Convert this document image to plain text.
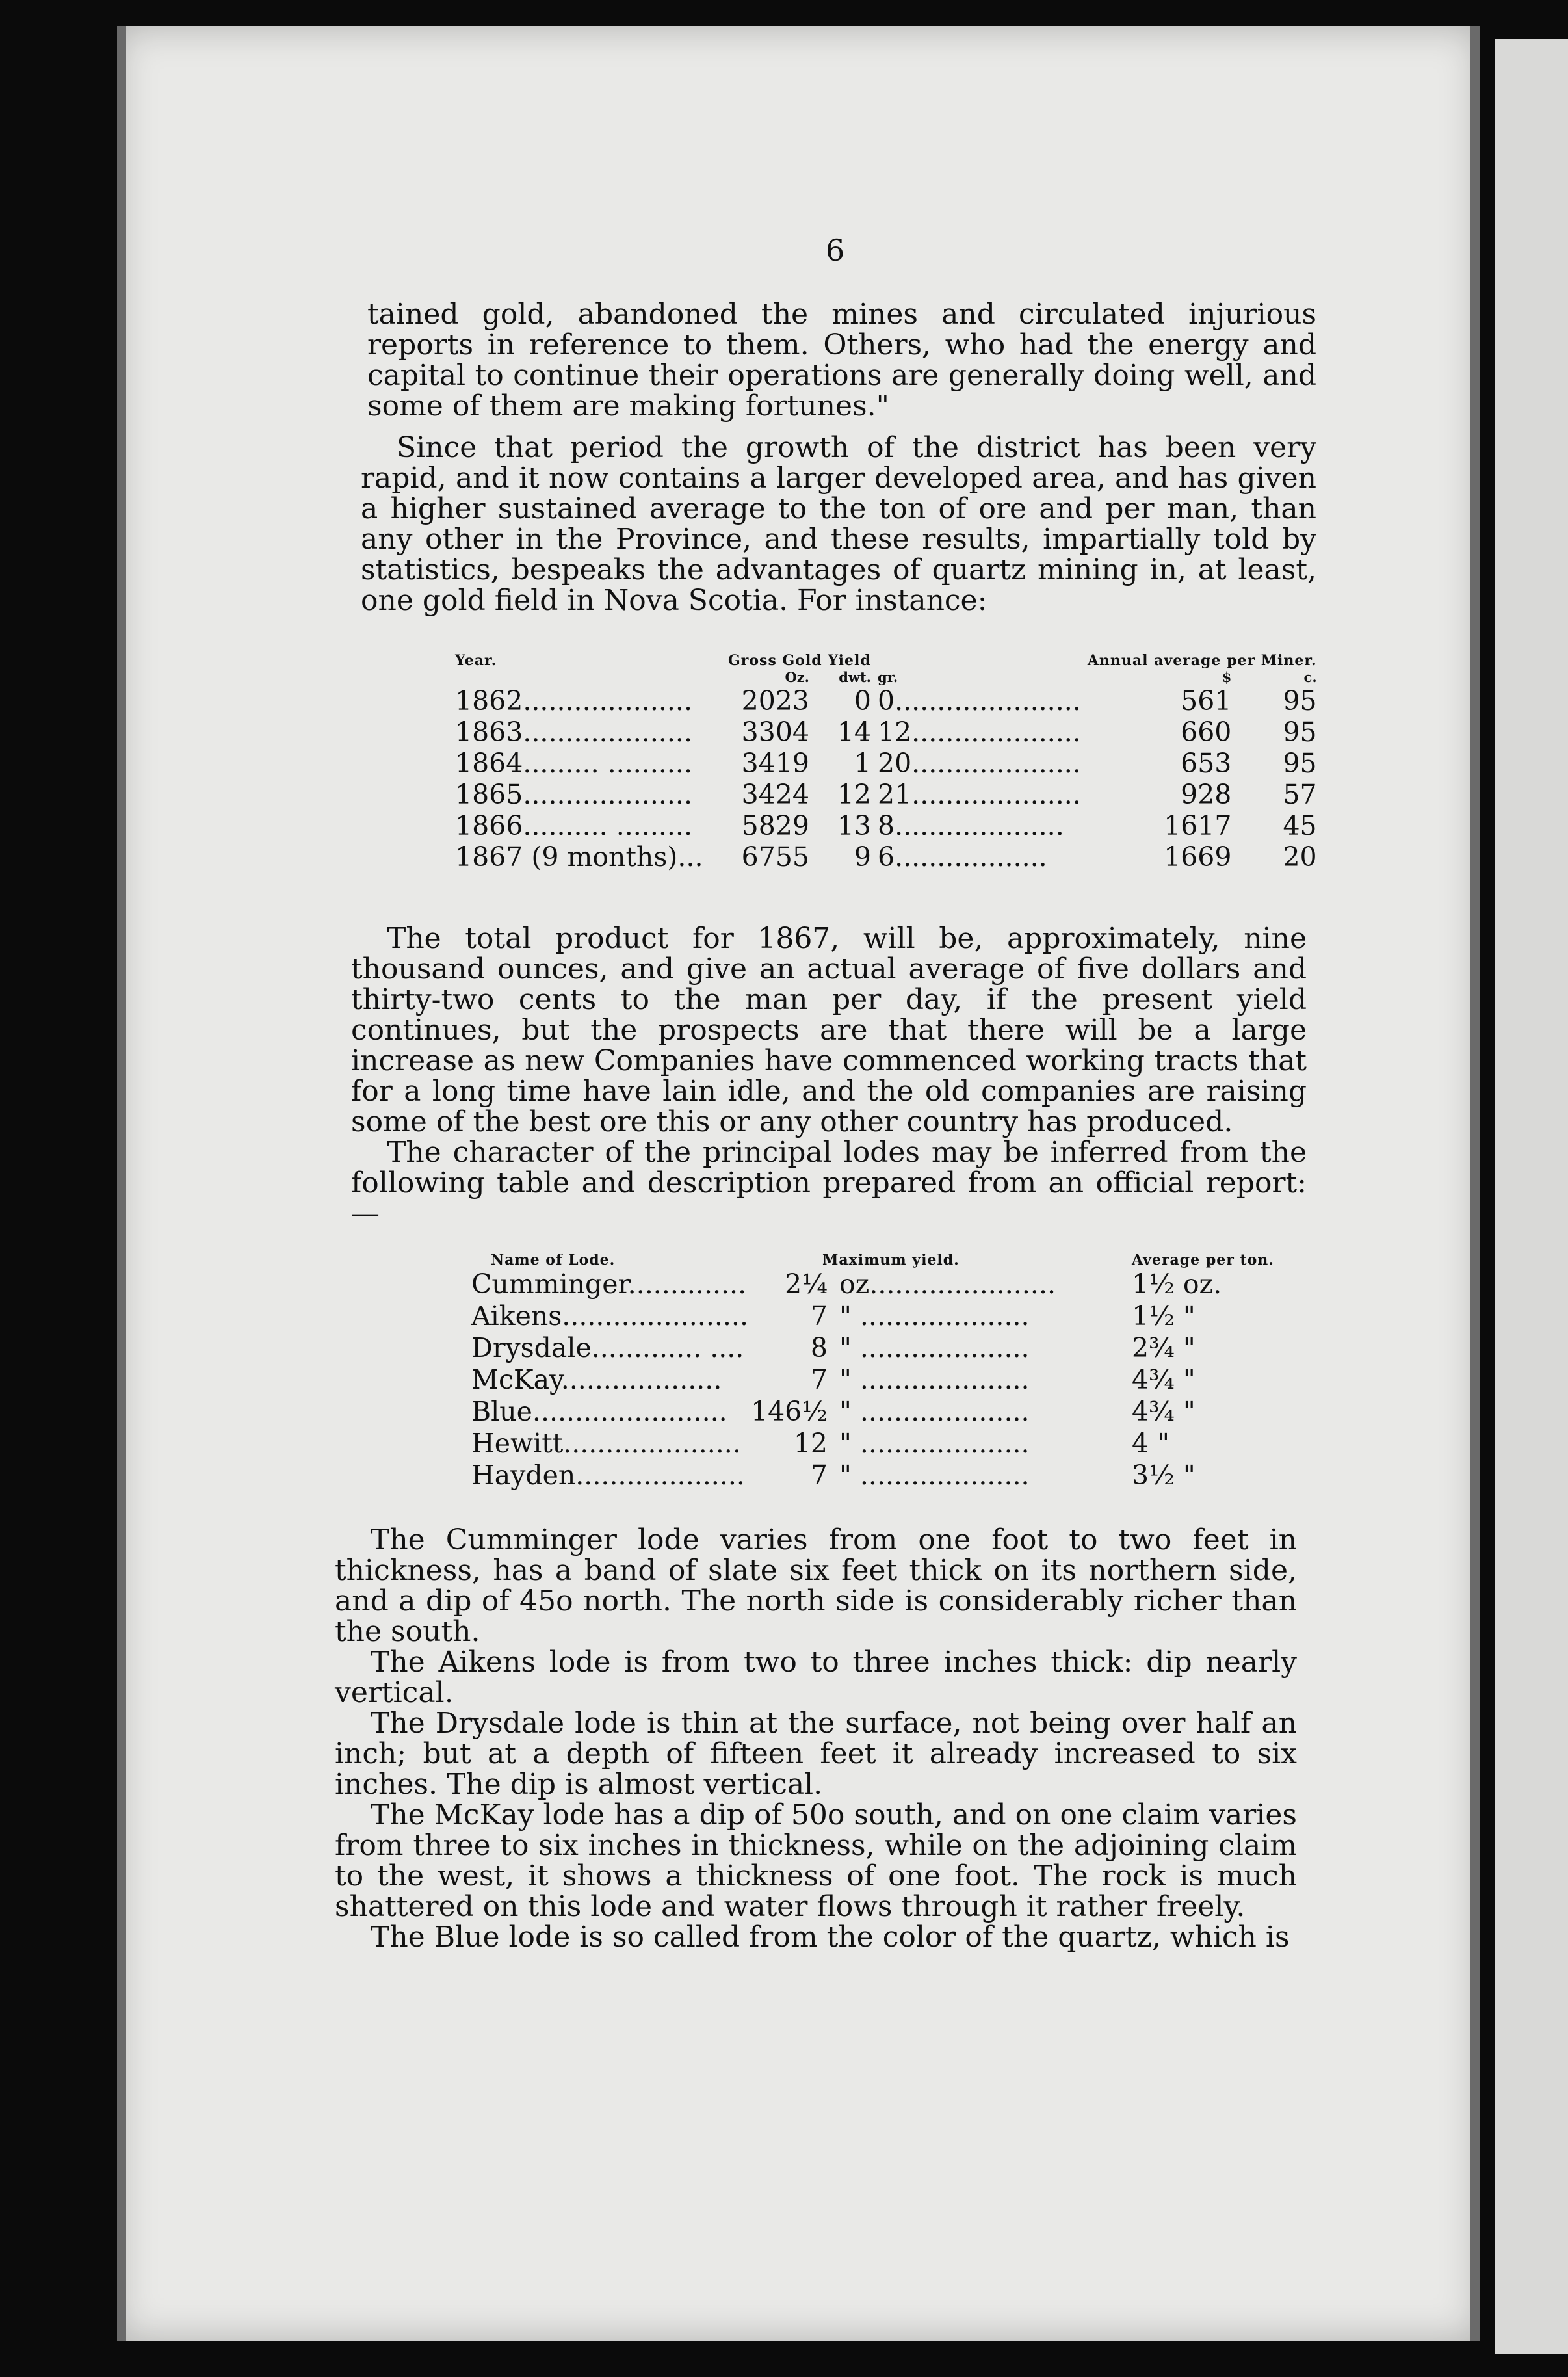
6

tained gold, abandoned the mines and circulated injurious reports in reference to them. Others, who had the energy and capital to continue their operations are generally doing well, and some of them are making fortunes."

Since that period the growth of the district has been very rapid, and it now contains a larger developed area, and has given a higher sustained average to the ton of ore and per man, than any other in the Province, and these results, impartially told by statistics, bespeaks the advantages of quartz mining in, at least, one gold field in Nova Scotia. For instance:

Year.	Gross Gold Yield			Annual average per Miner.	
	Oz.	dwt.	gr.	$	c.
1862....................	2023	0	0......................	561	95
1863....................	3304	14	12....................	660	95
1864......... ..........	3419	1	20....................	653	95
1865....................	3424	12	21....................	928	57
1866.......... .........	5829	13	8....................	1617	45
1867 (9 months)...	6755	9	6..................	1669	20

The total product for 1867, will be, approximately, nine thousand ounces, and give an actual average of five dollars and thirty-two cents to the man per day, if the present yield continues, but the prospects are that there will be a large increase as new Companies have commenced working tracts that for a long time have lain idle, and the old companies are raising some of the best ore this or any other country has produced.

The character of the principal lodes may be inferred from the following table and description prepared from an official report:—

Name of Lode.	Maximum yield.		Average per ton.
Cumminger..............	2¼	oz......................	1½ oz.
Aikens......................	7	" ....................	1½ "
Drysdale............. ....	8	" ....................	2¾ "
McKay...................	7	" ....................	4¾ "
Blue.......................	146½	" ....................	4¾ "
Hewitt.....................	12	" ....................	4 "
Hayden....................	7	" ....................	3½ "

The Cumminger lode varies from one foot to two feet in thickness, has a band of slate six feet thick on its northern side, and a dip of 45o north. The north side is considerably richer than the south.

The Aikens lode is from two to three inches thick: dip nearly vertical.

The Drysdale lode is thin at the surface, not being over half an inch; but at a depth of fifteen feet it already increased to six inches. The dip is almost vertical.

The McKay lode has a dip of 50o south, and on one claim varies from three to six inches in thickness, while on the adjoining claim to the west, it shows a thickness of one foot. The rock is much shattered on this lode and water flows through it rather freely.

The Blue lode is so called from the color of the quartz, which is
